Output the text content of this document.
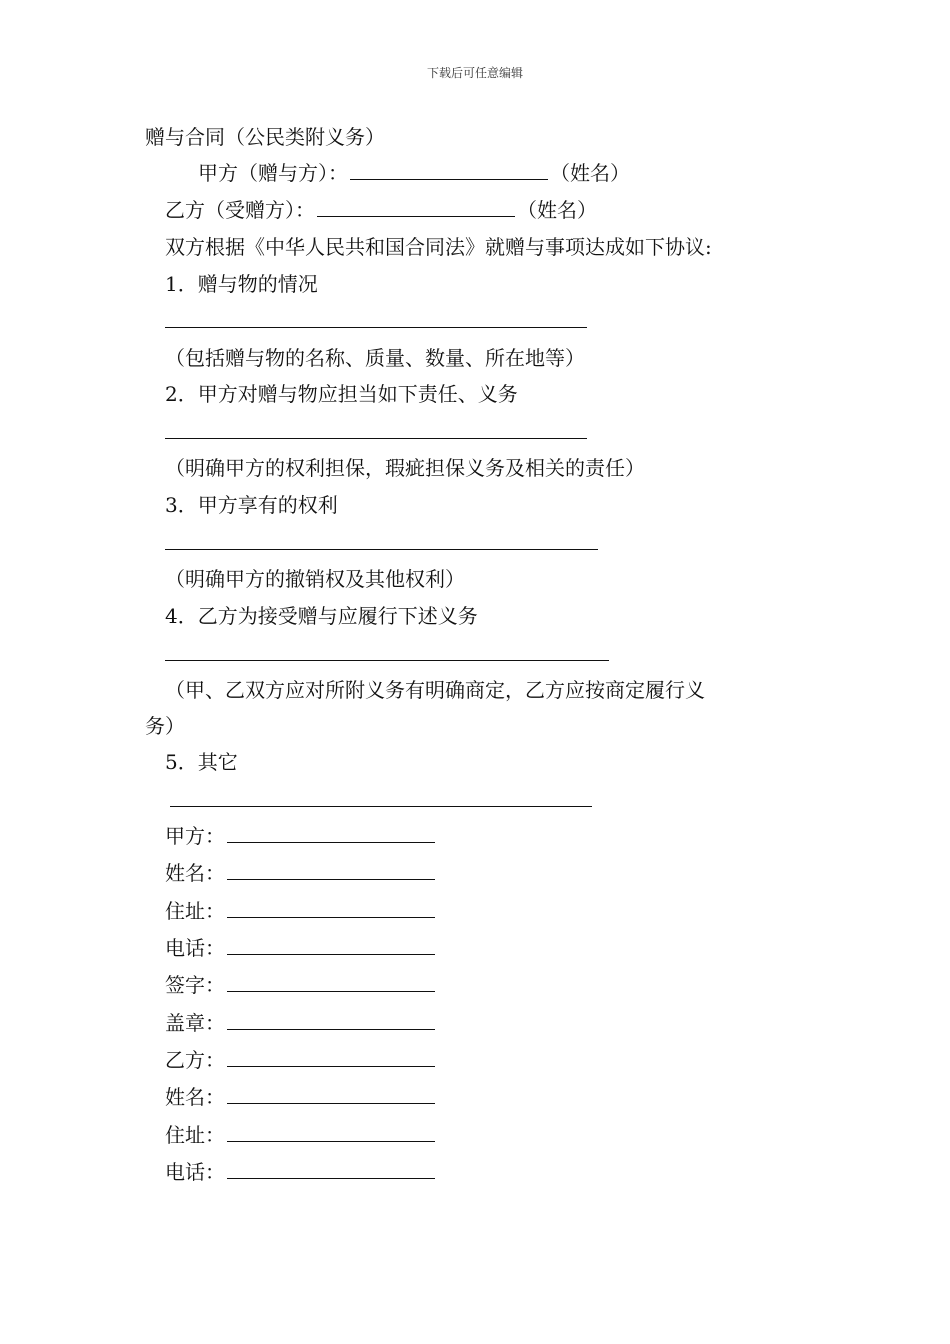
下载后可任意编辑
赠与合同（公民类附义务）
甲方（赠与方）：	（姓名）
乙方（受赠方）：	（姓名）
双方根据《中华人民共和国合同法》就赠与事项达成如下协议:
1．赠与物的情况
（包括赠与物的名称、质量、数量、所在地等）
2．甲方对赠与物应担当如下责任、义务
（明确甲方的权利担保，瑕疵担保义务及相关的责任）
3．甲方享有的权利
（明确甲方的撤销权及其他权利）
4．乙方为接受赠与应履行下述义务
（甲、乙双方应对所附义务有明确商定，乙方应按商定履行义
务）
5．其它
甲方：
姓名：
住址：
电话：
签字：
盖章：
乙方：
姓名：
住址：
电话：
